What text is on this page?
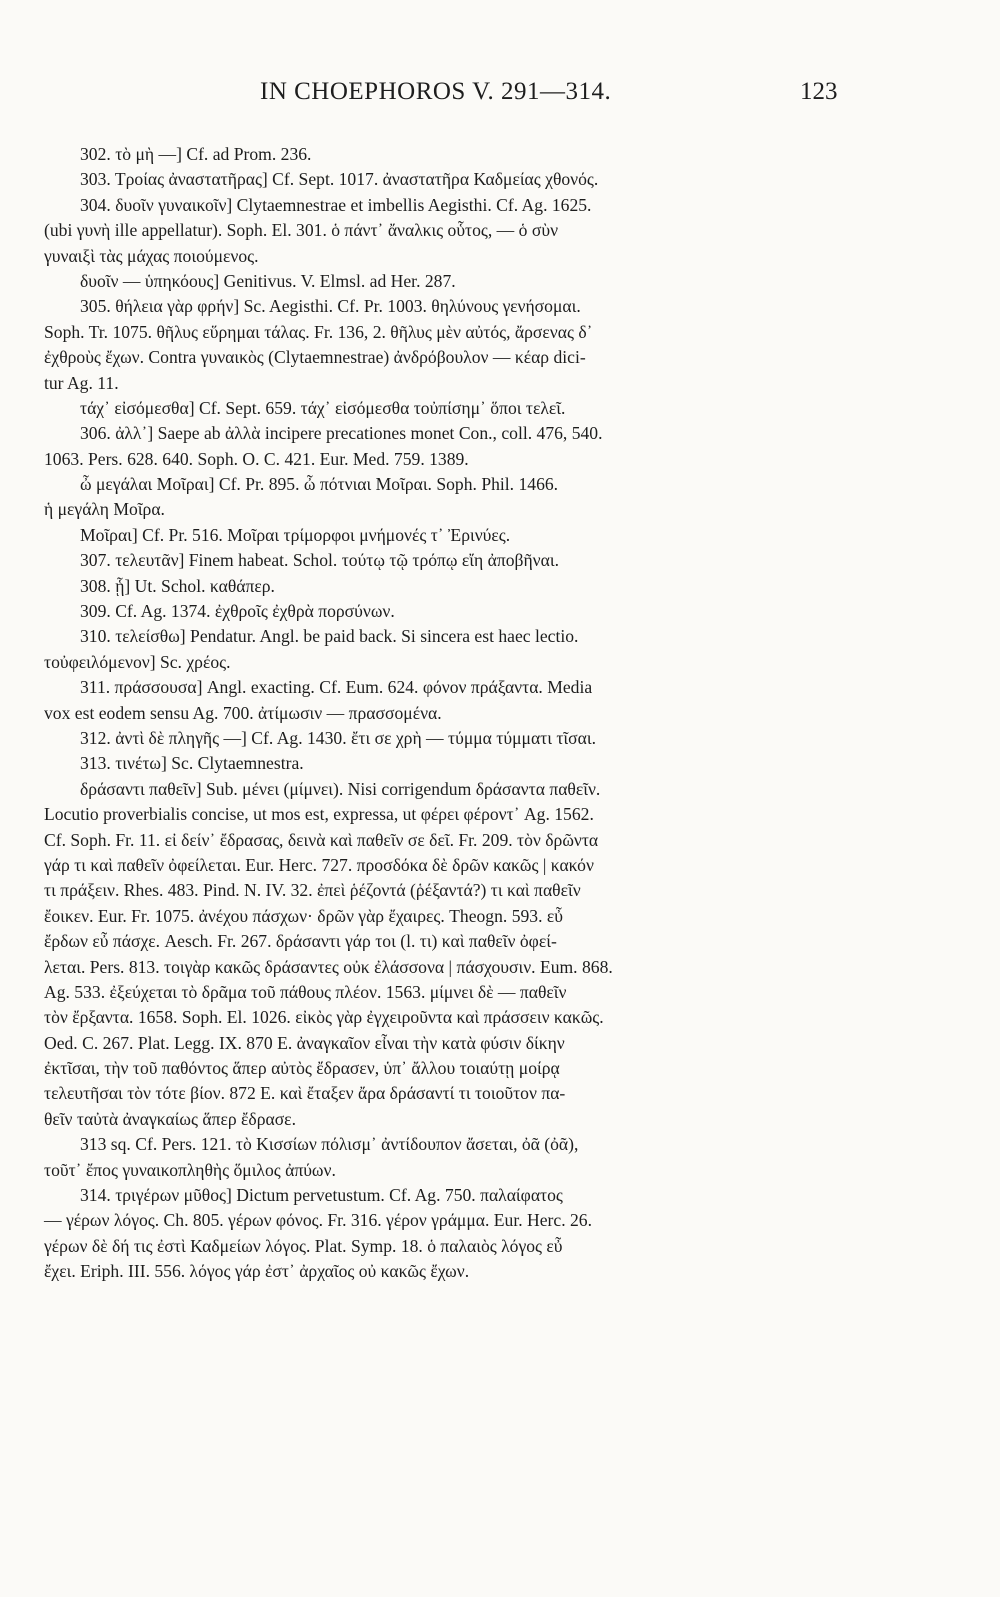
IN CHOEPHOROS V. 291—314.	123
302. τὸ μὴ —] Cf. ad Prom. 236.
303. Τροίας ἀναστατῆρας] Cf. Sept. 1017. ἀναστατῆρα Καδμείας χθονός.
304. δυοῖν γυναικοῖν] Clytaemnestrae et imbellis Aegisthi. Cf. Ag. 1625.
(ubi γυνὴ ille appellatur). Soph. El. 301. ὁ πάντ᾽ ἄναλκις οὗτος, — ὁ σὺν
γυναιξὶ τὰς μάχας ποιούμενος.
δυοῖν — ὑπηκόους] Genitivus. V. Elmsl. ad Her. 287.
305. θήλεια γὰρ φρήν] Sc. Aegisthi. Cf. Pr. 1003. θηλύνους γενήσομαι.
Soph. Tr. 1075. θῆλυς εὕρημαι τάλας. Fr. 136, 2. θῆλυς μὲν αὐτός, ἄρσενας δ᾽
ἐχθροὺς ἔχων. Contra γυναικὸς (Clytaemnestrae) ἀνδρόβουλον — κέαρ dici-
tur Ag. 11.
τάχ᾽ εἰσόμεσθα] Cf. Sept. 659. τάχ᾽ εἰσόμεσθα τοὐπίσημ᾽ ὅποι τελεῖ.
306. ἀλλ᾽] Saepe ab ἀλλὰ incipere precationes monet Con., coll. 476, 540.
1063. Pers. 628. 640. Soph. O. C. 421. Eur. Med. 759. 1389.
ὦ μεγάλαι Μοῖραι] Cf. Pr. 895. ὦ πότνιαι Μοῖραι. Soph. Phil. 1466.
ἡ μεγάλη Μοῖρα.
Μοῖραι] Cf. Pr. 516. Μοῖραι τρίμορφοι μνήμονές τ᾽ Ἐρινύες.
307. τελευτᾶν] Finem habeat. Schol. τούτῳ τῷ τρόπῳ εἴη ἀποβῆναι.
308. ᾗ] Ut. Schol. καθάπερ.
309. Cf. Ag. 1374. ἐχθροῖς ἐχθρὰ πορσύνων.
310. τελείσθω] Pendatur. Angl. be paid back. Si sincera est haec lectio.
τοὐφειλόμενον] Sc. χρέος.
311. πράσσουσα] Angl. exacting. Cf. Eum. 624. φόνον πράξαντα. Media
vox est eodem sensu Ag. 700. ἀτίμωσιν — πρασσομένα.
312. ἀντὶ δὲ πληγῆς —] Cf. Ag. 1430. ἔτι σε χρὴ — τύμμα τύμματι τῖσαι.
313. τινέτω] Sc. Clytaemnestra.
δράσαντι παθεῖν] Sub. μένει (μίμνει). Nisi corrigendum δράσαντα παθεῖν.
Locutio proverbialis concise, ut mos est, expressa, ut φέρει φέροντ᾽ Ag. 1562.
Cf. Soph. Fr. 11. εἰ δείν᾽ ἔδρασας, δεινὰ καὶ παθεῖν σε δεῖ. Fr. 209. τὸν δρῶντα
γάρ τι καὶ παθεῖν ὀφείλεται. Eur. Herc. 727. προσδόκα δὲ δρῶν κακῶς | κακόν
τι πράξειν. Rhes. 483. Pind. N. IV. 32. ἐπεὶ ῥέζοντά (ῥέξαντά?) τι καὶ παθεῖν
ἔοικεν. Eur. Fr. 1075. ἀνέχου πάσχων· δρῶν γὰρ ἔχαιρες. Theogn. 593. εὖ
ἔρδων εὖ πάσχε. Aesch. Fr. 267. δράσαντι γάρ τοι (l. τι) καὶ παθεῖν ὀφεί-
λεται. Pers. 813. τοιγὰρ κακῶς δράσαντες οὐκ ἐλάσσονα | πάσχουσιν. Eum. 868.
Ag. 533. ἐξεύχεται τὸ δρᾶμα τοῦ πάθους πλέον. 1563. μίμνει δὲ — παθεῖν
τὸν ἔρξαντα. 1658. Soph. El. 1026. εἰκὸς γὰρ ἐγχειροῦντα καὶ πράσσειν κακῶς.
Oed. C. 267. Plat. Legg. IX. 870 E. ἀναγκαῖον εἶναι τὴν κατὰ φύσιν δίκην
ἐκτῖσαι, τὴν τοῦ παθόντος ἅπερ αὐτὸς ἔδρασεν, ὑπ᾽ ἄλλου τοιαύτῃ μοίρᾳ
τελευτῆσαι τὸν τότε βίον. 872 E. καὶ ἔταξεν ἄρα δράσαντί τι τοιοῦτον πα-
θεῖν ταὐτὰ ἀναγκαίως ἅπερ ἔδρασε.
313 sq. Cf. Pers. 121. τὸ Κισσίων πόλισμ᾽ ἀντίδουπον ἄσεται, ὀᾶ (ὀᾶ),
τοῦτ᾽ ἔπος γυναικοπληθὴς ὅμιλος ἀπύων.
314. τριγέρων μῦθος] Dictum pervetustum. Cf. Ag. 750. παλαίφατος
— γέρων λόγος. Ch. 805. γέρων φόνος. Fr. 316. γέρον γράμμα. Eur. Herc. 26.
γέρων δὲ δή τις ἐστὶ Καδμείων λόγος. Plat. Symp. 18. ὁ παλαιὸς λόγος εὖ
ἔχει. Eriph. III. 556. λόγος γάρ ἐστ᾽ ἀρχαῖος οὐ κακῶς ἔχων.
